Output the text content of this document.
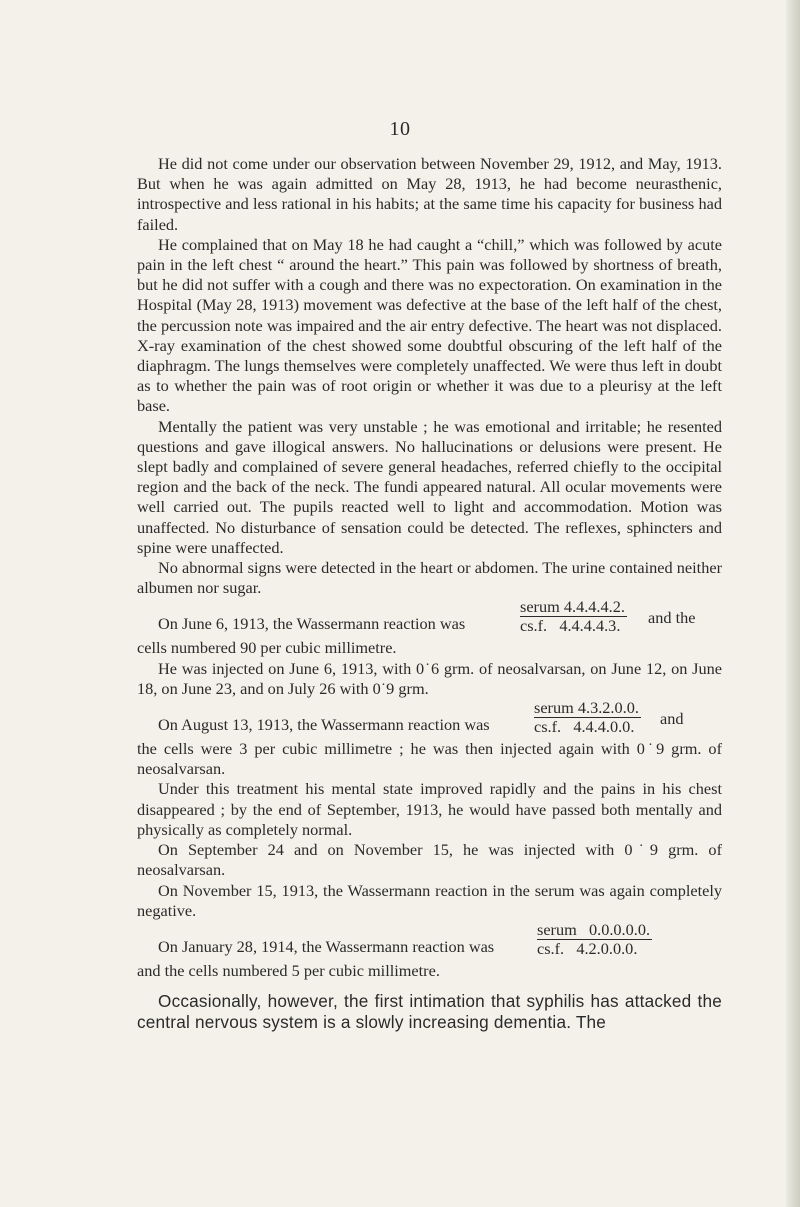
10

He did not come under our observation between November 29, 1912, and May, 1913. But when he was again admitted on May 28, 1913, he had become neurasthenic, introspective and less rational in his habits; at the same time his capacity for business had failed.

He complained that on May 18 he had caught a “chill,” which was followed by acute pain in the left chest “ around the heart.” This pain was followed by shortness of breath, but he did not suffer with a cough and there was no expectoration. On examination in the Hospital (May 28, 1913) movement was defective at the base of the left half of the chest, the percussion note was impaired and the air entry defective. The heart was not displaced. X-ray examination of the chest showed some doubtful obscuring of the left half of the diaphragm. The lungs themselves were completely unaffected. We were thus left in doubt as to whether the pain was of root origin or whether it was due to a pleurisy at the left base.

Mentally the patient was very unstable ; he was emotional and irritable; he resented questions and gave illogical answers. No hallucinations or delusions were present. He slept badly and complained of severe general headaches, referred chiefly to the occipital region and the back of the neck. The fundi appeared natural. All ocular movements were well carried out. The pupils reacted well to light and accommodation. Motion was unaffected. No disturbance of sensation could be detected. The reflexes, sphincters and spine were unaffected.

No abnormal signs were detected in the heart or abdomen. The urine contained neither albumen nor sugar.

On June 6, 1913, the Wassermann reaction was
serum 4.4.4.4.2.
cs.f.   4.4.4.4.3. and the

cells numbered 90 per cubic millimetre.

He was injected on June 6, 1913, with 0˙6 grm. of neosalvarsan, on June 12, on June 18, on June 23, and on July 26 with 0˙9 grm.

On August 13, 1913, the Wassermann reaction was
serum 4.3.2.0.0.
cs.f.   4.4.4.0.0. and

the cells were 3 per cubic millimetre ; he was then injected again with 0˙9 grm. of neosalvarsan.

Under this treatment his mental state improved rapidly and the pains in his chest disappeared ; by the end of September, 1913, he would have passed both mentally and physically as completely normal.

On September 24 and on November 15, he was injected with 0˙9 grm. of neosalvarsan.

On November 15, 1913, the Wassermann reaction in the serum was again completely negative.

On January 28, 1914, the Wassermann reaction was
serum   0.0.0.0.0.
cs.f.   4.2.0.0.0.

and the cells numbered 5 per cubic millimetre.

Occasionally, however, the first intimation that syphilis has attacked the central nervous system is a slowly increasing dementia. The
